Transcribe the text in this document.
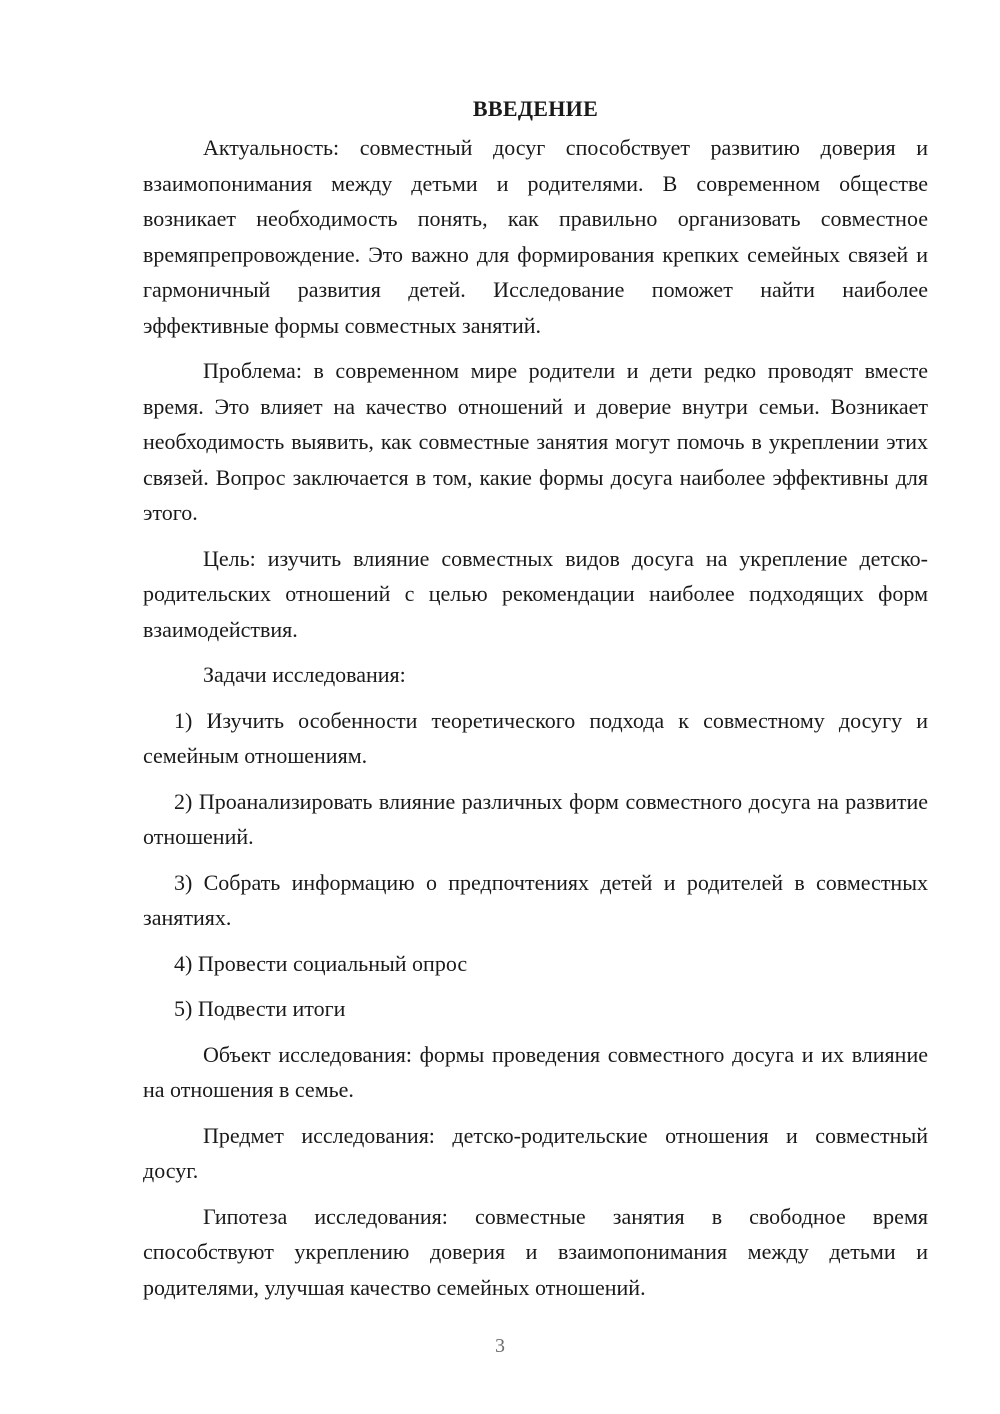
ВВЕДЕНИЕ

Актуальность: совместный досуг способствует развитию доверия и взаимопонимания между детьми и родителями. В современном обществе возникает необходимость понять, как правильно организовать совместное времяпрепровождение. Это важно для формирования крепких семейных связей и гармоничный развития детей. Исследование поможет найти наиболее эффективные формы совместных занятий.

Проблема: в современном мире родители и дети редко проводят вместе время. Это влияет на качество отношений и доверие внутри семьи. Возникает необходимость выявить, как совместные занятия могут помочь в укреплении этих связей. Вопрос заключается в том, какие формы досуга наиболее эффективны для этого.

Цель: изучить влияние совместных видов досуга на укрепление детско-родительских отношений с целью рекомендации наиболее подходящих форм взаимодействия.

Задачи исследования:

1) Изучить особенности теоретического подхода к совместному досугу и семейным отношениям.

2) Проанализировать влияние различных форм совместного досуга на развитие отношений.

3) Собрать информацию о предпочтениях детей и родителей в совместных занятиях.

4) Провести социальный опрос

5) Подвести итоги

Объект исследования: формы проведения совместного досуга и их влияние на отношения в семье.

Предмет исследования: детско-родительские отношения и совместный досуг.

Гипотеза исследования: совместные занятия в свободное время способствуют укреплению доверия и взаимопонимания между детьми и родителями, улучшая качество семейных отношений.

3
